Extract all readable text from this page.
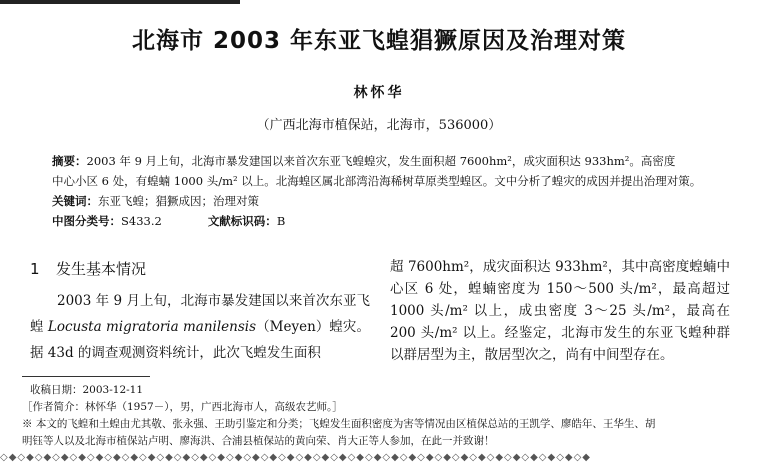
北海市 2003 年东亚飞蝗猖獗原因及治理对策
林怀华
（广西北海市植保站，北海市，536000）
摘要：2003 年 9 月上旬，北海市暴发建国以来首次东亚飞蝗蝗灾，发生面积超 7600hm²，成灾面积达 933hm²。高密度
中心小区 6 处，有蝗蝻 1000 头/m² 以上。北海蝗区属北部湾沿海稀树草原类型蝗区。文中分析了蝗灾的成因并提出治理对策。
关键词：东亚飞蝗；猖獗成因；治理对策
中图分类号：S433.2	文献标识码：B
1 发生基本情况
2003 年 9 月上旬，北海市暴发建国以来首次东亚飞蝗 Locusta migratoria manilensis（Meyen）蝗灾。据 43d 的调查观测资料统计，此次飞蝗发生面积
超 7600hm²，成灾面积达 933hm²，其中高密度蝗蝻中心区 6 处，蝗蝻密度为 150～500 头/m²，最高超过 1000 头/m² 以上，成虫密度 3～25 头/m²，最高在 200 头/m² 以上。经鉴定，北海市发生的东亚飞蝗种群以群居型为主，散居型次之，尚有中间型存在。
收稿日期：2003-12-11
［作者简介：林怀华（1957－），男，广西北海市人，高级农艺师。］
※ 本文的飞蝗和土蝗由尤其敬、张永强、王助引鉴定和分类；飞蝗发生面积密度为害等情况由区植保总站的王凯学、廖皓年、王华生、胡
明钰等人以及北海市植保站卢明、廖海洪、合浦县植保站的黄向荣、肖大正等人参加，在此一并致谢！
◇◆◇◆◇◆◇◆◇◆◇◆◇◆◇◆◇◆◇◆◇◆◇◆◇◆◇◆◇◆◇◆◇◆◇◆◇◆◇◆◇◆◇◆◇◆◇◆◇◆◇◆◇◆◇◆◇◆◇◆◇◆◇◆◇◆◇◆
